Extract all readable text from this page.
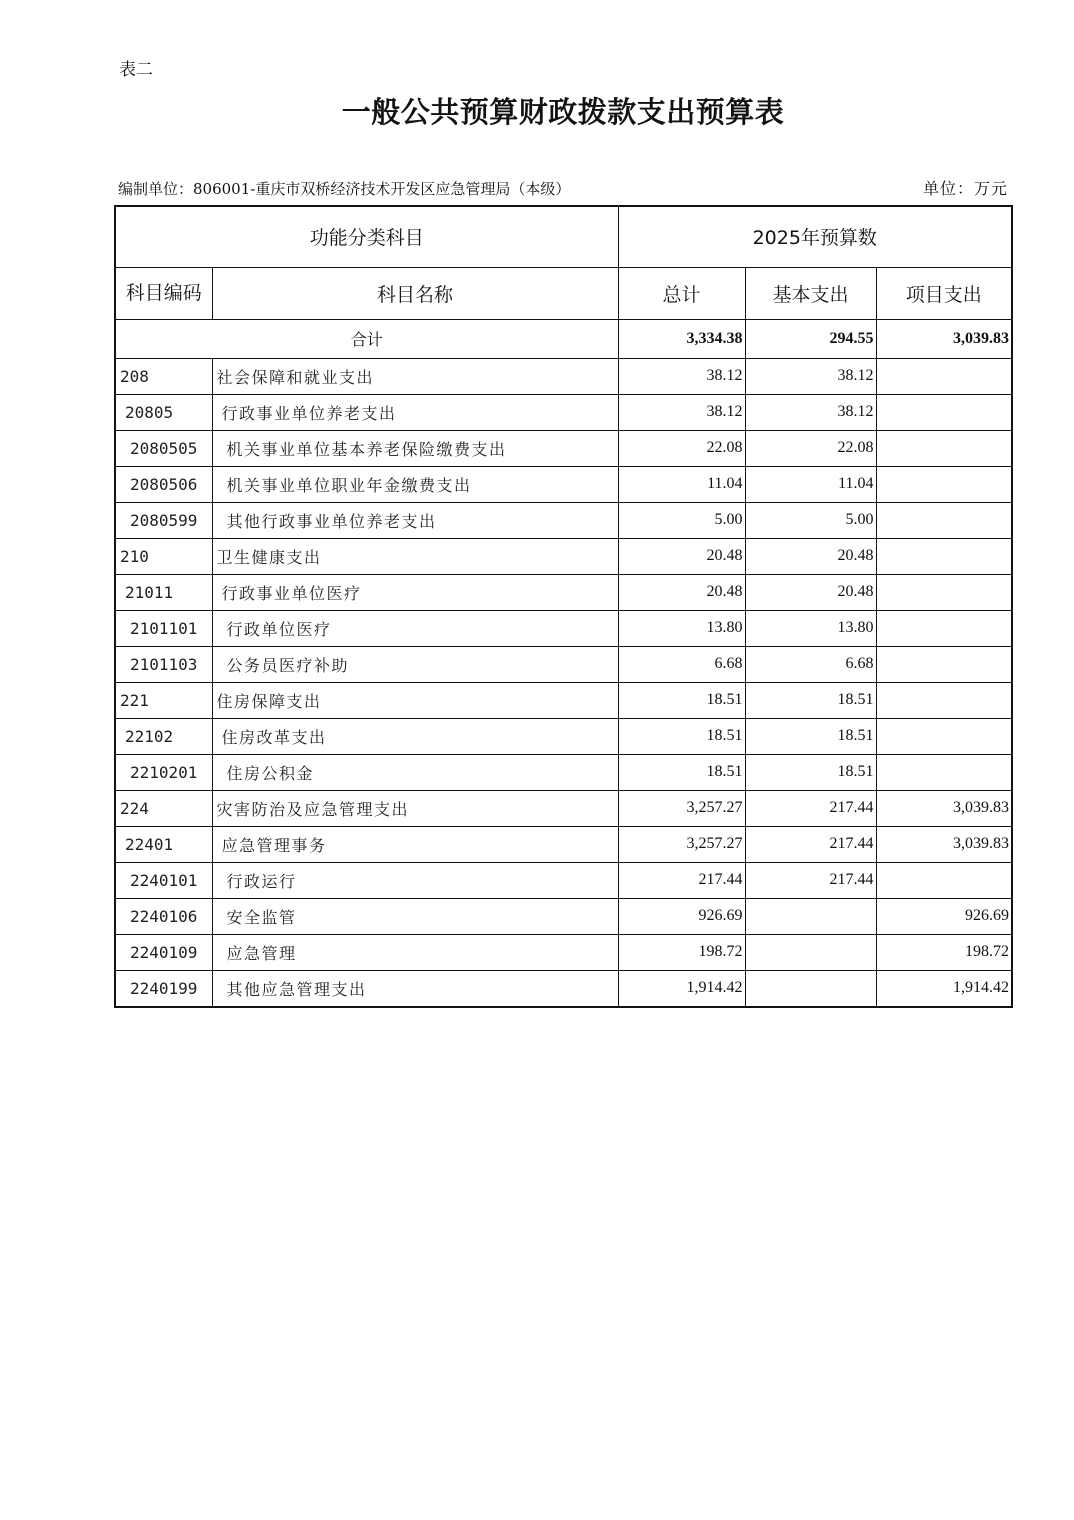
表二
一般公共预算财政拨款支出预算表
编制单位：806001-重庆市双桥经济技术开发区应急管理局（本级）	单位：万元
功能分类科目		2025年预算数		
科目编码	科目名称	总计	基本支出	项目支出
合计		3,334.38	294.55	3,039.83
208	社会保障和就业支出	38.12	38.12	
20805	行政事业单位养老支出	38.12	38.12	
2080505	机关事业单位基本养老保险缴费支出	22.08	22.08	
2080506	机关事业单位职业年金缴费支出	11.04	11.04	
2080599	其他行政事业单位养老支出	5.00	5.00	
210	卫生健康支出	20.48	20.48	
21011	行政事业单位医疗	20.48	20.48	
2101101	行政单位医疗	13.80	13.80	
2101103	公务员医疗补助	6.68	6.68	
221	住房保障支出	18.51	18.51	
22102	住房改革支出	18.51	18.51	
2210201	住房公积金	18.51	18.51	
224	灾害防治及应急管理支出	3,257.27	217.44	3,039.83
22401	应急管理事务	3,257.27	217.44	3,039.83
2240101	行政运行	217.44	217.44	
2240106	安全监管	926.69		926.69
2240109	应急管理	198.72		198.72
2240199	其他应急管理支出	1,914.42		1,914.42
